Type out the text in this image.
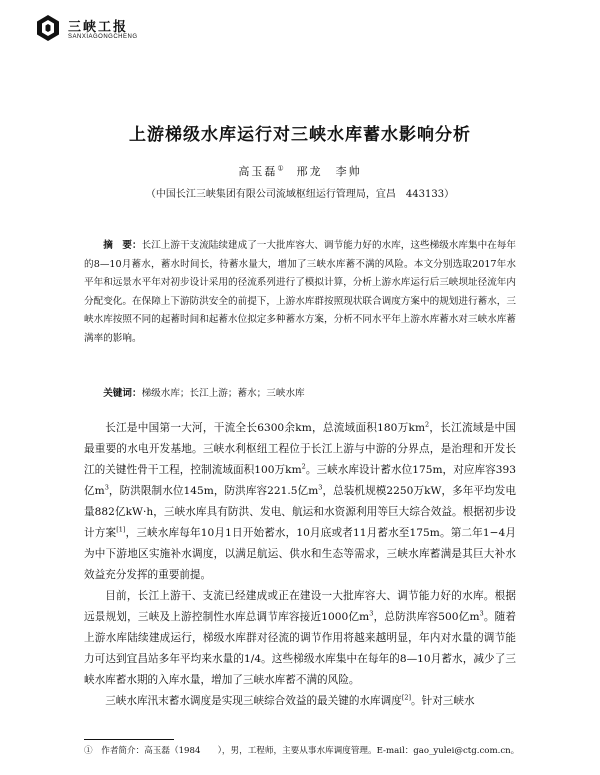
三峡工报
SANXIAGONGCHENG
上游梯级水库运行对三峡水库蓄水影响分析
高玉磊①　 邢龙　李帅
（中国长江三峡集团有限公司流域枢纽运行管理局，宜昌　443133）
摘　要：长江上游干支流陆续建成了一大批库容大、调节能力好的水库，这些梯级水库集中在每年的8—10月蓄水，蓄水时间长，待蓄水量大，增加了三峡水库蓄不满的风险。本文分别选取2017年水平年和远景水平年对初步设计采用的径流系列进行了模拟计算，分析上游水库运行后三峡坝址径流年内分配变化。在保障上下游防洪安全的前提下，上游水库群按照现状联合调度方案中的规划进行蓄水，三峡水库按照不同的起蓄时间和起蓄水位拟定多种蓄水方案，分析不同水平年上游水库蓄水对三峡水库蓄满率的影响。
关键词：梯级水库；长江上游；蓄水；三峡水库

长江是中国第一大河，干流全长6300余km，总流域面积180万$km^2$，长江流域是中国最重要的水电开发基地。三峡水利枢纽工程位于长江上游与中游的分界点，是治理和开发长江的关键性骨干工程，控制流域面积100万$km^2$。三峡水库设计蓄水位175m，对应库容393亿$m^3$，防洪限制水位145m，防洪库容221.5亿$m^3$，总装机规模2250万kW，多年平均发电量882亿kW·h，三峡水库具有防洪、发电、航运和水资源利用等巨大综合效益。根据初步设计方案[1]，三峡水库每年10月1日开始蓄水，10月底或者11月蓄水至175m。第二年1−4月为中下游地区实施补水调度，以满足航运、供水和生态等需求，三峡水库蓄满是其巨大补水效益充分发挥的重要前提。

目前，长江上游干、支流已经建成或正在建设一大批库容大、调节能力好的水库。根据远景规划，三峡及上游控制性水库总调节库容接近1000亿$m^3$，总防洪库容500亿$m^3$。随着上游水库陆续建成运行，梯级水库群对径流的调节作用将越来越明显，年内对水量的调节能力可达到宜昌站多年平均来水量的1/4。这些梯级水库集中在每年的8—10月蓄水，减少了三峡水库蓄水期的入库水量，增加了三峡水库蓄不满的风险。

三峡水库汛末蓄水调度是实现三峡综合效益的最关键的水库调度[2]。针对三峡水

①　 作者简介：高玉磊（1984　　），男，工程师，主要从事水库调度管理。E-mail：gao_yulei@ctg.com.cn。
